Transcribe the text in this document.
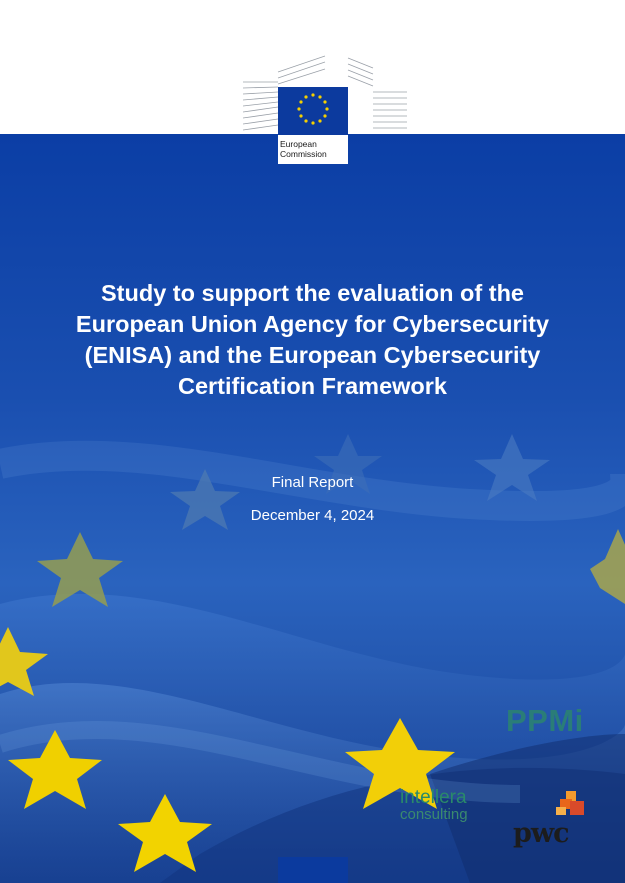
European
Commission
Study to support the evaluation of the European Union Agency for Cybersecurity (ENISA) and the European Cybersecurity Certification Framework
Final Report
December 4, 2024
PPMi
intellera
consulting
pwc
